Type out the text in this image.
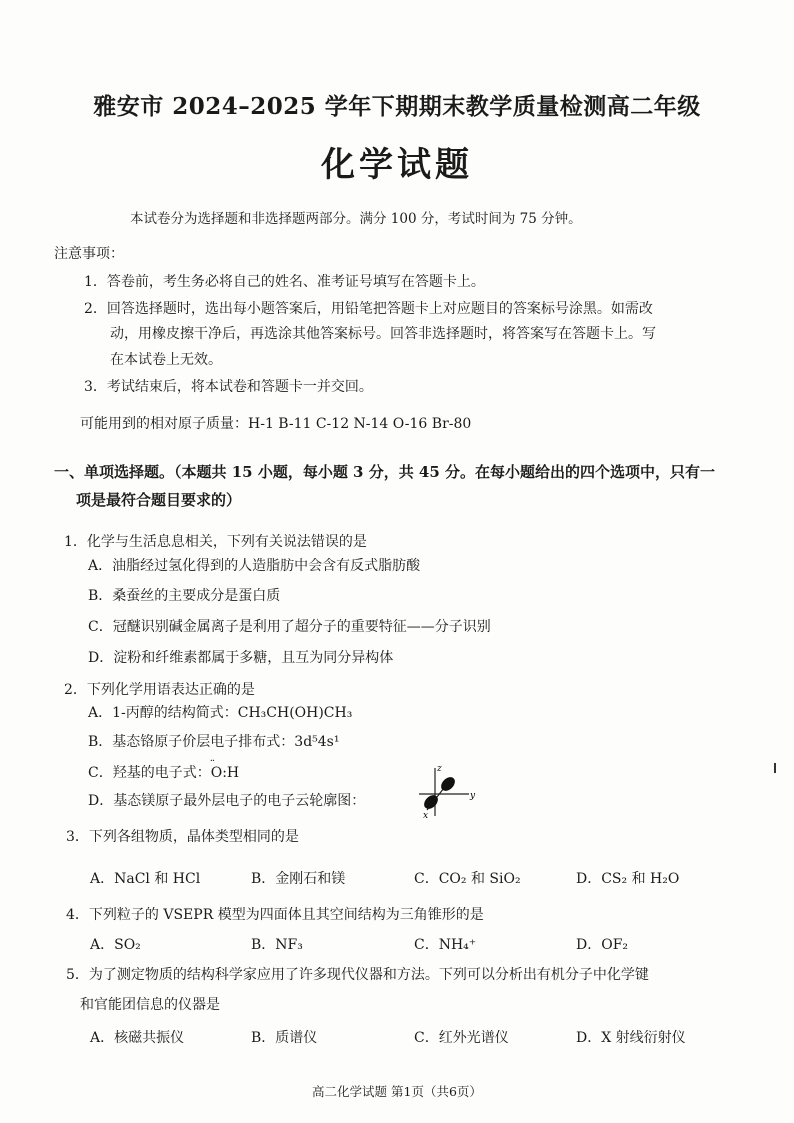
雅安市 2024–2025 学年下期期末教学质量检测高二年级
化学试题
本试卷分为选择题和非选择题两部分。满分 100 分，考试时间为 75 分钟。
注意事项：
1．答卷前，考生务必将自己的姓名、准考证号填写在答题卡上。
2．回答选择题时，选出每小题答案后，用铅笔把答题卡上对应题目的答案标号涂黑。如需改
动，用橡皮擦干净后，再选涂其他答案标号。回答非选择题时，将答案写在答题卡上。写
在本试卷上无效。
3．考试结束后，将本试卷和答题卡一并交回。
可能用到的相对原子质量：H-1 B-11 C-12 N-14 O-16 Br-80
一、单项选择题。（本题共 15 小题，每小题 3 分，共 45 分。在每小题给出的四个选项中，只有一
项是最符合题目要求的）
1．化学与生活息息相关，下列有关说法错误的是
A．油脂经过氢化得到的人造脂肪中会含有反式脂肪酸
B．桑蚕丝的主要成分是蛋白质
C．冠醚识别碱金属离子是利用了超分子的重要特征——分子识别
D．淀粉和纤维素都属于多糖，且互为同分异构体
2．下列化学用语表达正确的是
A．1-丙醇的结构简式：CH₃CH(OH)CH₃
B．基态铬原子价层电子排布式：3d⁵4s¹
C．羟基的电子式：·· O:H
D．基态镁原子最外层电子的电子云轮廓图：
z
y
x
3．下列各组物质，晶体类型相同的是
A．NaCl 和 HCl	B．金刚石和镁	C．CO₂ 和 SiO₂	D．CS₂ 和 H₂O
4．下列粒子的 VSEPR 模型为四面体且其空间结构为三角锥形的是
A．SO₂	B．NF₃	C．NH₄⁺	D．OF₂
5．为了测定物质的结构科学家应用了许多现代仪器和方法。下列可以分析出有机分子中化学键
和官能团信息的仪器是
A．核磁共振仪	B．质谱仪	C．红外光谱仪	D．X 射线衍射仪
高二化学试题 第1页（共6页）
